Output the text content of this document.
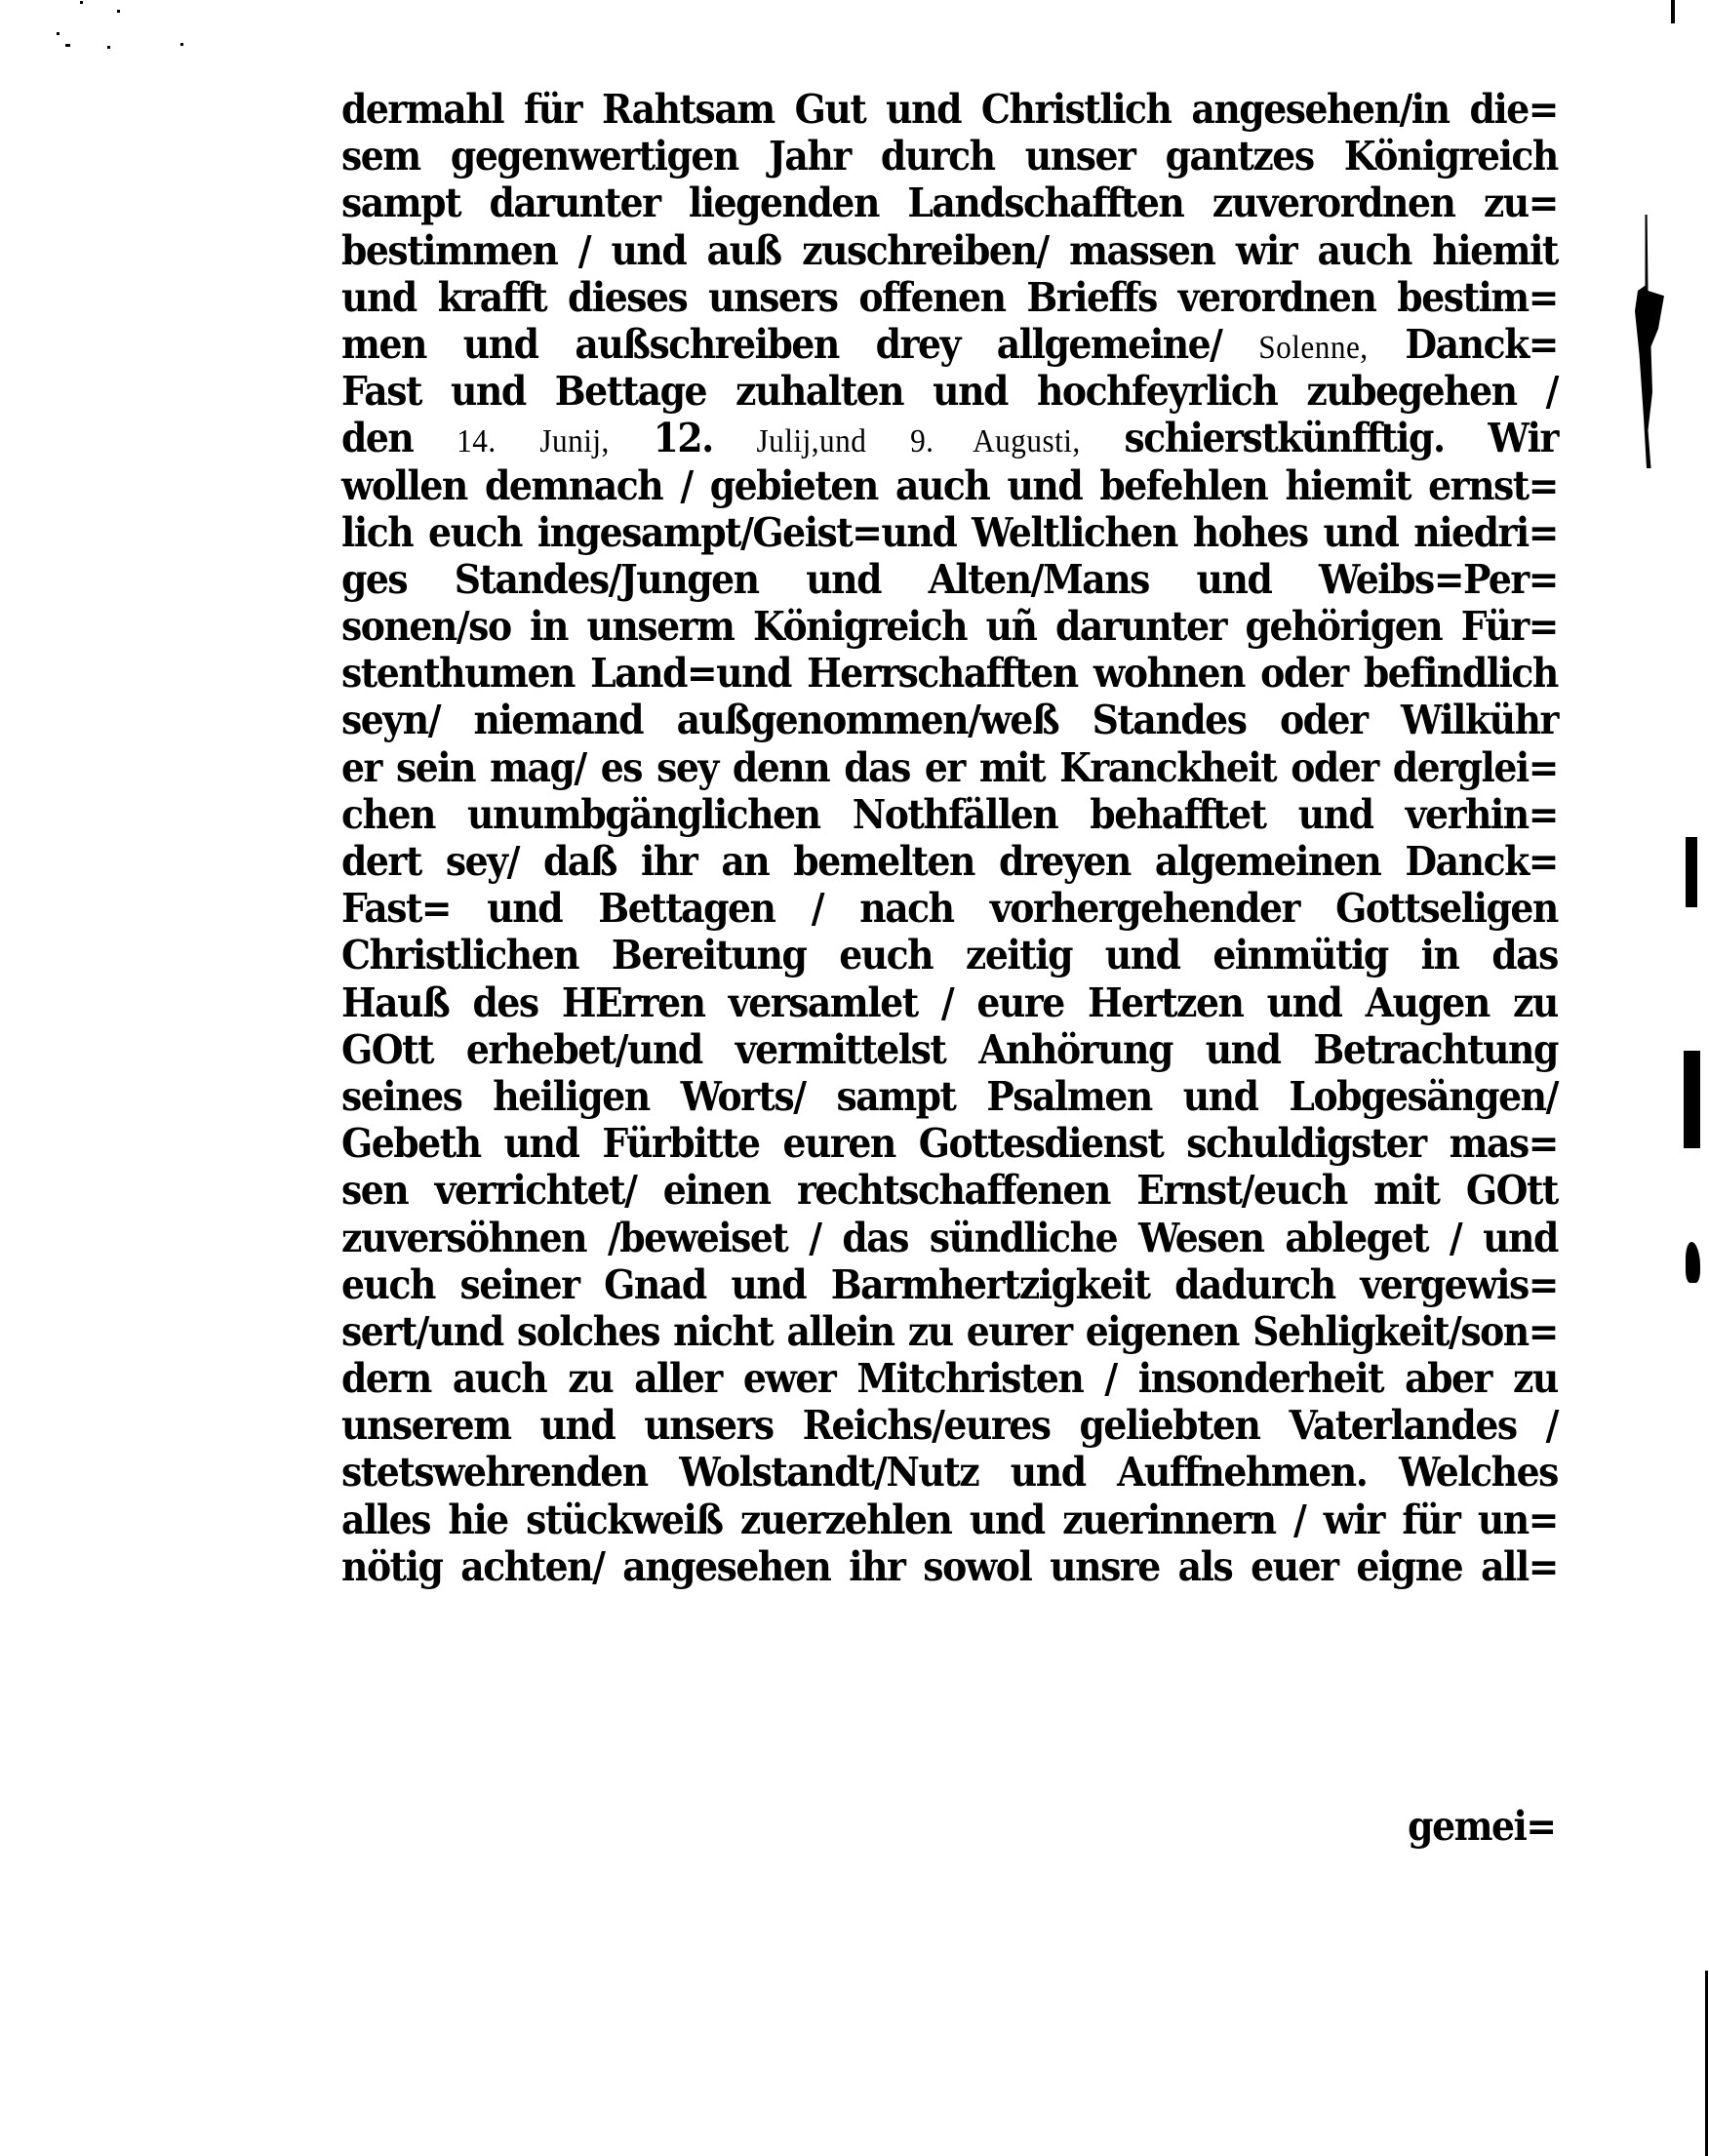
dermahl für Rahtsam Gut und Christlich angesehen/in die=
sem gegenwertigen Jahr durch unser gantzes Königreich
sampt darunter liegenden Landschafften zuverordnen zu=
bestimmen / und auß zuschreiben/ massen wir auch hiemit
und krafft dieses unsers offenen Brieffs verordnen bestim=
men und außschreiben drey allgemeine/ Solenne, Danck=
Fast und Bettage zuhalten und hochfeyrlich zubegehen /
den 14. Junij, 12. Julij,und 9. Augusti, schierstkünfftig. Wir
wollen demnach / gebieten auch und befehlen hiemit ernst=
lich euch ingesampt/Geist=und Weltlichen hohes und niedri=
ges Standes/Jungen und Alten/Mans und Weibs=Per=
sonen/so in unserm Königreich uñ darunter gehörigen Für=
stenthumen Land=und Herrschafften wohnen oder befindlich
seyn/ niemand außgenommen/weß Standes oder Wilkühr
er sein mag/ es sey denn das er mit Kranckheit oder derglei=
chen unumbgänglichen Nothfällen behafftet und verhin=
dert sey/ daß ihr an bemelten dreyen algemeinen Danck=
Fast= und Bettagen / nach vorhergehender Gottseligen
Christlichen Bereitung euch zeitig und einmütig in das
Hauß des HErren versamlet / eure Hertzen und Augen zu
GOtt erhebet/und vermittelst Anhörung und Betrachtung
seines heiligen Worts/ sampt Psalmen und Lobgesängen/
Gebeth und Fürbitte euren Gottesdienst schuldigster mas=
sen verrichtet/ einen rechtschaffenen Ernst/euch mit GOtt
zuversöhnen /beweiset / das sündliche Wesen ableget / und
euch seiner Gnad und Barmhertzigkeit dadurch vergewis=
sert/und solches nicht allein zu eurer eigenen Sehligkeit/son=
dern auch zu aller ewer Mitchristen / insonderheit aber zu
unserem und unsers Reichs/eures geliebten Vaterlandes /
stetswehrenden Wolstandt/Nutz und Auffnehmen. Welches
alles hie stückweiß zuerzehlen und zuerinnern / wir für un=
nötig achten/ angesehen ihr sowol unsre als euer eigne all=
gemei=
